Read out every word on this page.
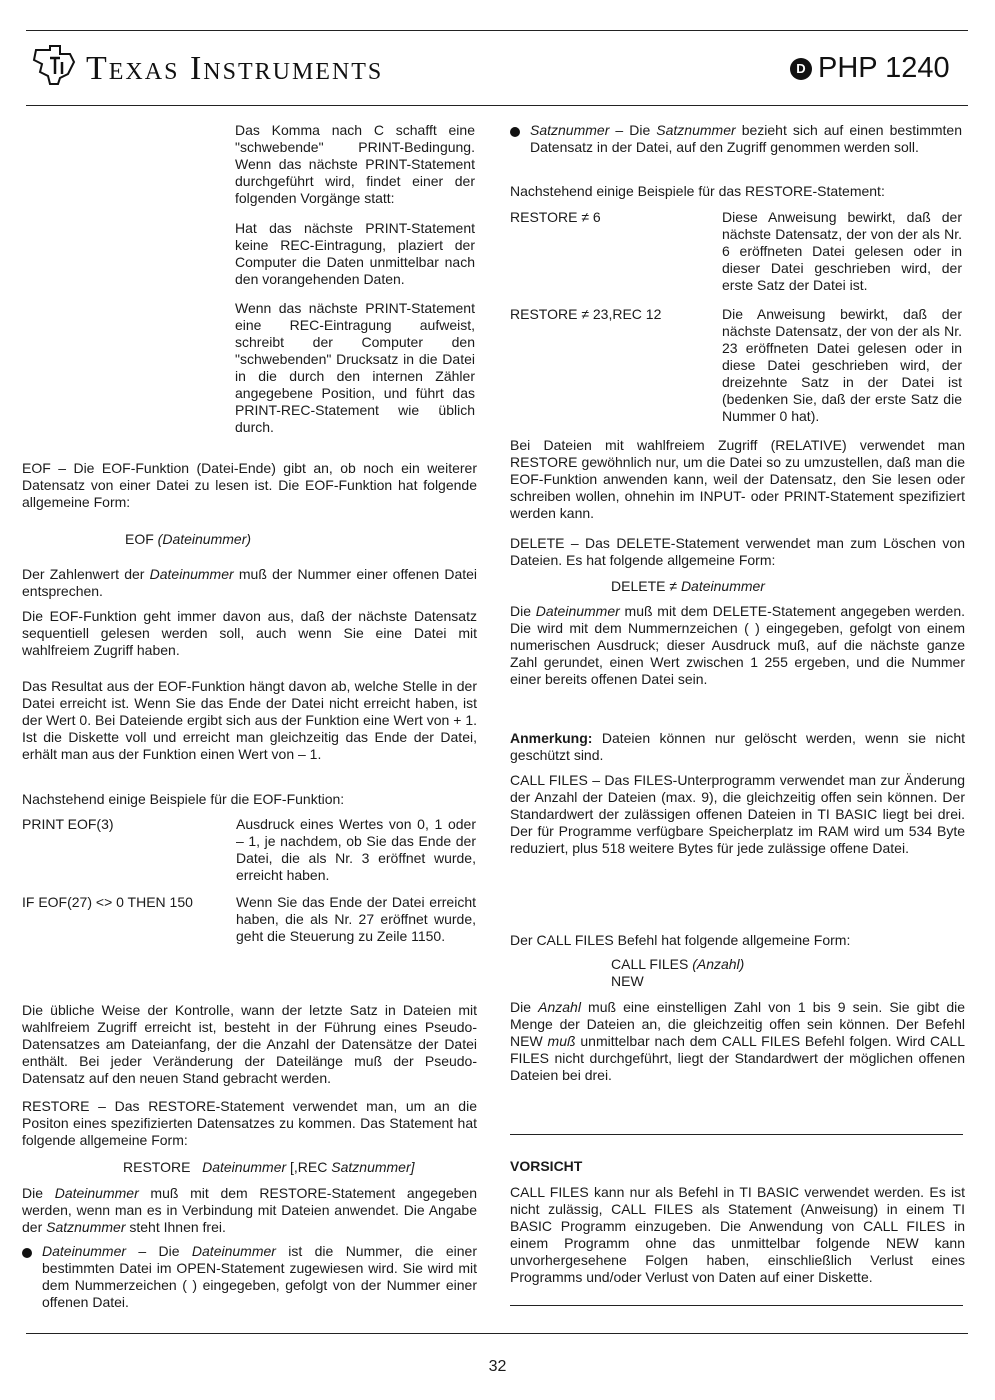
Texas Instruments	D PHP 1240
Das Komma nach C schafft eine "schwebende" PRINT-Bedingung. Wenn das nächste PRINT-Statement durchgeführt wird, findet einer der folgenden Vorgänge statt:
Hat das nächste PRINT-Statement keine REC-Eintragung, plaziert der Computer die Daten unmittelbar nach den vorangehenden Daten.
Wenn das nächste PRINT-Statement eine REC-Eintragung aufweist, schreibt der Computer den "schwebenden" Drucksatz in die Datei in die durch den internen Zähler angegebene Position, und führt das PRINT-REC-Statement wie üblich durch.
EOF – Die EOF-Funktion (Datei-Ende) gibt an, ob noch ein weiterer Datensatz von einer Datei zu lesen ist. Die EOF-Funktion hat folgende allgemeine Form:
EOF (Dateinummer)
Der Zahlenwert der Dateinummer muß der Nummer einer offenen Datei entsprechen.
Die EOF-Funktion geht immer davon aus, daß der nächste Datensatz sequentiell gelesen werden soll, auch wenn Sie eine Datei mit wahlfreiem Zugriff haben.
Das Resultat aus der EOF-Funktion hängt davon ab, welche Stelle in der Datei erreicht ist. Wenn Sie das Ende der Datei nicht erreicht haben, ist der Wert 0. Bei Dateiende ergibt sich aus der Funktion eine Wert von + 1. Ist die Diskette voll und erreicht man gleichzeitig das Ende der Datei, erhält man aus der Funktion einen Wert von – 1.
Nachstehend einige Beispiele für die EOF-Funktion:
PRINT EOF(3)	Ausdruck eines Wertes von 0, 1 oder – 1, je nachdem, ob Sie das Ende der Datei, die als Nr. 3 eröffnet wurde, erreicht haben.
IF EOF(27) <> 0 THEN 150	Wenn Sie das Ende der Datei erreicht haben, die als Nr. 27 eröffnet wurde, geht die Steuerung zu Zeile 1150.
Die übliche Weise der Kontrolle, wann der letzte Satz in Dateien mit wahlfreiem Zugriff erreicht ist, besteht in der Führung eines Pseudo-Datensatzes am Dateianfang, der die Anzahl der Datensätze der Datei enthält. Bei jeder Veränderung der Dateilänge muß der Pseudo-Datensatz auf den neuen Stand gebracht werden.
RESTORE – Das RESTORE-Statement verwendet man, um an die Positon eines spezifizierten Datensatzes zu kommen. Das Statement hat folgende allgemeine Form:
RESTORE Dateinummer [,REC Satznummer]
Die Dateinummer muß mit dem RESTORE-Statement angegeben werden, wenn man es in Verbindung mit Dateien anwendet. Die Angabe der Satznummer steht Ihnen frei.
Dateinummer – Die Dateinummer ist die Nummer, die einer bestimmten Datei im OPEN-Statement zugewiesen wird. Sie wird mit dem Nummerzeichen ( ) eingegeben, gefolgt von der Nummer einer offenen Datei.
Satznummer – Die Satznummer bezieht sich auf einen bestimmten Datensatz in der Datei, auf den Zugriff genommen werden soll.
Nachstehend einige Beispiele für das RESTORE-Statement:
RESTORE ≠ 6	Diese Anweisung bewirkt, daß der nächste Datensatz, der von der als Nr. 6 eröffneten Datei gelesen oder in dieser Datei geschrieben wird, der erste Satz der Datei ist.
RESTORE ≠ 23,REC 12	Die Anweisung bewirkt, daß der nächste Datensatz, der von der als Nr. 23 eröffneten Datei gelesen oder in diese Datei geschrieben wird, der dreizehnte Satz in der Datei ist (bedenken Sie, daß der erste Satz die Nummer 0 hat).
Bei Dateien mit wahlfreiem Zugriff (RELATIVE) verwendet man RESTORE gewöhnlich nur, um die Datei so zu umzustellen, daß man die EOF-Funktion anwenden kann, weil der Datensatz, den Sie lesen oder schreiben wollen, ohnehin im INPUT- oder PRINT-Statement spezifiziert werden kann.
DELETE – Das DELETE-Statement verwendet man zum Löschen von Dateien. Es hat folgende allgemeine Form:
DELETE ≠ Dateinummer
Die Dateinummer muß mit dem DELETE-Statement angegeben werden. Die wird mit dem Nummernzeichen ( ) eingegeben, gefolgt von einem numerischen Ausdruck; dieser Ausdruck muß, auf die nächste ganze Zahl gerundet, einen Wert zwischen 1 255 ergeben, und die Nummer einer bereits offenen Datei sein.
Anmerkung: Dateien können nur gelöscht werden, wenn sie nicht geschützt sind.
CALL FILES – Das FILES-Unterprogramm verwendet man zur Änderung der Anzahl der Dateien (max. 9), die gleichzeitig offen sein können. Der Standardwert der zulässigen offenen Dateien in TI BASIC liegt bei drei. Der für Programme verfügbare Speicherplatz im RAM wird um 534 Byte reduziert, plus 518 weitere Bytes für jede zulässige offene Datei.
Der CALL FILES Befehl hat folgende allgemeine Form:
CALL FILES (Anzahl)
NEW
Die Anzahl muß eine einstelligen Zahl von 1 bis 9 sein. Sie gibt die Menge der Dateien an, die gleichzeitig offen sein können. Der Befehl NEW muß unmittelbar nach dem CALL FILES Befehl folgen. Wird CALL FILES nicht durchgeführt, liegt der Standardwert der möglichen offenen Dateien bei drei.
VORSICHT
CALL FILES kann nur als Befehl in TI BASIC verwendet werden. Es ist nicht zulässig, CALL FILES als Statement (Anweisung) in einem TI BASIC Programm einzugeben. Die Anwendung von CALL FILES in einem Programm ohne das unmittelbar folgende NEW kann unvorhergesehene Folgen haben, einschließlich Verlust eines Programms und/oder Verlust von Daten auf einer Diskette.
32
